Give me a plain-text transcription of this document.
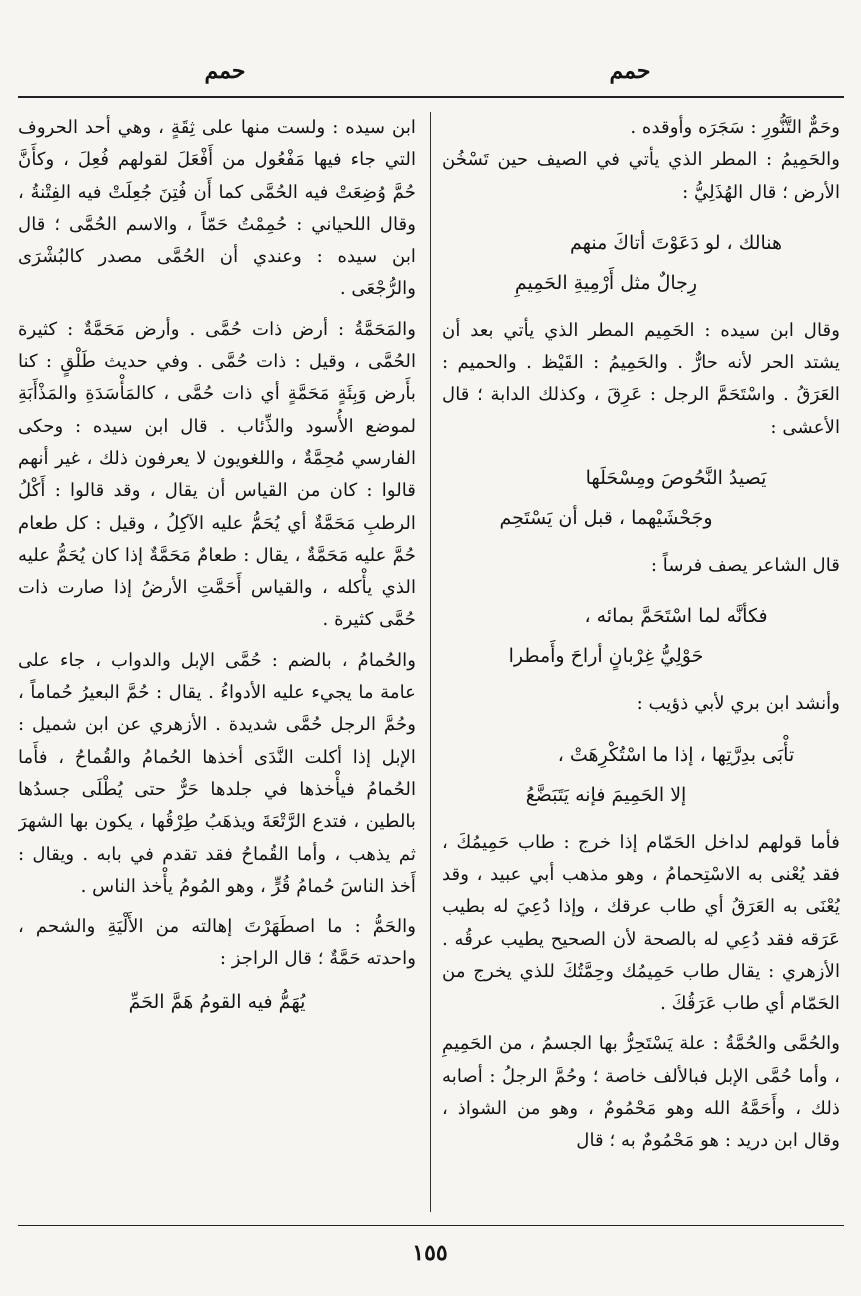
حمم
حمم

وحَمٌّ التَّنُّورِ : سَجَرَه وأوقده .

والحَمِيمُ : المطر الذي يأتي في الصيف حين تَسْخُن الأرض ؛ قال الهُذَلِيُّ :

هنالك ، لو دَعَوْتَ أتاكَ منهم
رِجالٌ مثل أَرْمِيةِ الحَمِيمِ

وقال ابن سيده : الحَمِيم المطر الذي يأتي بعد أن يشتد الحر لأنه حارٌّ . والحَمِيمُ : القَيْظ . والحميم : العَرَقُ . واسْتَحَمَّ الرجل : عَرِقَ ، وكذلك الدابة ؛ قال الأعشى :

يَصيدُ النَّحُوصَ ومِسْحَلَها
وجَحْشَيْهما ، قبل أن يَسْتَحِم

قال الشاعر يصف فرساً :

فكأنَّه لما اسْتَحَمَّ بمائه ،
حَوْلِيُّ غِرْبانٍ أراحَ وأَمطرا

وأنشد ابن بري لأبي ذؤيب :

تأْبَى بدِرَّتِها ، إذا ما اسْتُكْرِهَتْ ،
إلا الحَمِيمَ فإنه يَتَبَضَّعُ

فأما قولهم لداخل الحَمّام إذا خرج : طاب حَمِيمُكَ ، فقد يُعْنى به الاسْتِحمامُ ، وهو مذهب أبي عبيد ، وقد يُعْنَى به العَرَقُ أي طاب عرقك ، وإذا دُعِيَ له بطيب عَرَقه فقد دُعِي له بالصحة لأن الصحيح يطيب عرقُه . الأزهري : يقال طاب حَمِيمُك وحِمَّتُكَ للذي يخرج من الحَمّام أي طاب عَرَقُكَ .

والحُمَّى والحُمَّةُ : علة يَسْتَحِرُّ بها الجسمُ ، من الحَمِيمِ ، وأما حُمَّى الإبل فبالألف خاصة ؛ وحُمَّ الرجلُ : أصابه ذلك ، وأَحَمَّهُ الله وهو مَحْمُومٌ ، وهو من الشواذ ، وقال ابن دريد : هو مَحْمُومٌ به ؛ قال

ابن سيده : ولست منها على ثِقَةٍ ، وهي أحد الحروف التي جاء فيها مَفْعُول من أَفْعَلَ لقولهم فُعِلَ ، وكأَنَّ حُمَّ وُضِعَتْ فيه الحُمَّى كما أَن فُتِنَ جُعِلَتْ فيه الفِتْنةُ ، وقال اللحياني : حُمِمْتُ حَمّاً ، والاسم الحُمَّى ؛ قال ابن سيده : وعندي أن الحُمَّى مصدر كالبُشْرَى والرُّجْعَى .

والمَحَمَّةُ : أرض ذات حُمَّى . وأرض مَحَمَّةٌ : كثيرة الحُمَّى ، وقيل : ذات حُمَّى . وفي حديث طَلْقٍ : كنا بأَرض وَبِئَةٍ مَحَمَّةٍ أي ذات حُمَّى ، كالمَأْسَدَةِ والمَذْأَبَةِ لموضع الأُسود والذِّئاب . قال ابن سيده : وحكى الفارسي مُحِمَّةٌ ، واللغويون لا يعرفون ذلك ، غير أنهم قالوا : كان من القياس أن يقال ، وقد قالوا : أَكْلُ الرطبِ مَحَمَّةٌ أي يُحَمُّ عليه الآكِلُ ، وقيل : كل طعام حُمَّ عليه مَحَمَّةٌ ، يقال : طعامٌ مَحَمَّةٌ إذا كان يُحَمُّ عليه الذي يأْكله ، والقياس أَحَمَّتِ الأرضُ إذا صارت ذات حُمَّى كثيرة .

والحُمامُ ، بالضم : حُمَّى الإبل والدواب ، جاء على عامة ما يجيء عليه الأدواءُ . يقال : حُمَّ البعيرُ حُماماً ، وحُمَّ الرجل حُمَّى شديدة . الأزهري عن ابن شميل : الإبل إذا أكلت النَّدَى أخذها الحُمامُ والقُماحُ ، فأَما الحُمامُ فيأْخذها في جلدها حَرٌّ حتى يُطْلَى جسدُها بالطين ، فتدع الرَّتْعَةَ ويذهَبُ طِرْقُها ، يكون بها الشهرَ ثم يذهب ، وأما القُماحُ فقد تقدم في بابه . ويقال : أَخذ الناسَ حُمامُ قُرٍّ ، وهو المُومُ يأْخذ الناس .

والحَمُّ : ما اصطَهَرْتَ إهالته من الأَلْيَةِ والشحم ، واحدته حَمَّةٌ ؛ قال الراجز :

يُهَمُّ فيه القومُ هَمَّ الحَمِّ
١٥٥
